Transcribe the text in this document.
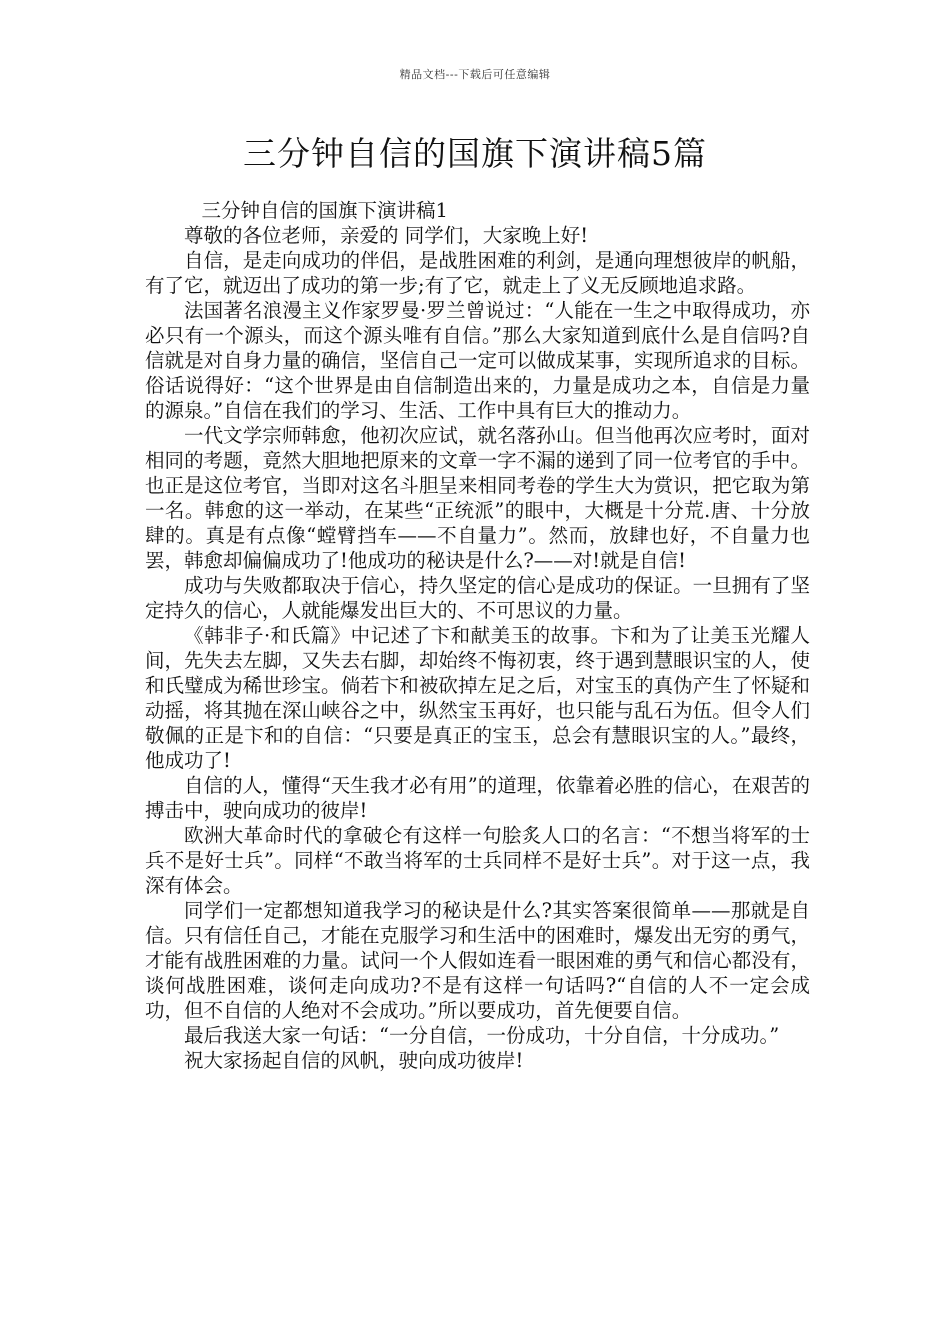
精品文档---下载后可任意编辑
三分钟自信的国旗下演讲稿5篇

三分钟自信的国旗下演讲稿1

尊敬的各位老师，亲爱的 同学们，大家晚上好!

自信，是走向成功的伴侣，是战胜困难的利剑，是通向理想彼岸的帆船，有了它，就迈出了成功的第一步;有了它，就走上了义无反顾地追求路。

法国著名浪漫主义作家罗曼·罗兰曾说过：“人能在一生之中取得成功，亦必只有一个源头，而这个源头唯有自信。”那么大家知道到底什么是自信吗?自信就是对自身力量的确信，坚信自己一定可以做成某事，实现所追求的目标。俗话说得好：“这个世界是由自信制造出来的，力量是成功之本，自信是力量的源泉。”自信在我们的学习、生活、工作中具有巨大的推动力。

一代文学宗师韩愈，他初次应试，就名落孙山。但当他再次应考时，面对相同的考题，竟然大胆地把原来的文章一字不漏的递到了同一位考官的手中。也正是这位考官，当即对这名斗胆呈来相同考卷的学生大为赏识，把它取为第一名。韩愈的这一举动，在某些“正统派”的眼中，大概是十分荒.唐、十分放肆的。真是有点像“螳臂挡车——不自量力”。然而，放肆也好，不自量力也罢，韩愈却偏偏成功了!他成功的秘诀是什么?——对!就是自信!

成功与失败都取决于信心，持久坚定的信心是成功的保证。一旦拥有了坚定持久的信心，人就能爆发出巨大的、不可思议的力量。

《韩非子·和氏篇》中记述了卞和献美玉的故事。卞和为了让美玉光耀人间，先失去左脚，又失去右脚，却始终不悔初衷，终于遇到慧眼识宝的人，使和氏璧成为稀世珍宝。倘若卞和被砍掉左足之后，对宝玉的真伪产生了怀疑和动摇，将其抛在深山峡谷之中，纵然宝玉再好，也只能与乱石为伍。但令人们敬佩的正是卞和的自信：“只要是真正的宝玉，总会有慧眼识宝的人。”最终，他成功了!

自信的人，懂得“天生我才必有用”的道理，依靠着必胜的信心，在艰苦的搏击中，驶向成功的彼岸!

欧洲大革命时代的拿破仑有这样一句脍炙人口的名言：“不想当将军的士兵不是好士兵”。同样“不敢当将军的士兵同样不是好士兵”。对于这一点，我深有体会。

同学们一定都想知道我学习的秘诀是什么?其实答案很简单——那就是自信。只有信任自己，才能在克服学习和生活中的困难时，爆发出无穷的勇气，才能有战胜困难的力量。试问一个人假如连看一眼困难的勇气和信心都没有，谈何战胜困难，谈何走向成功?不是有这样一句话吗?“自信的人不一定会成功，但不自信的人绝对不会成功。”所以要成功，首先便要自信。

最后我送大家一句话：“一分自信，一份成功，十分自信，十分成功。”

祝大家扬起自信的风帆，驶向成功彼岸!
